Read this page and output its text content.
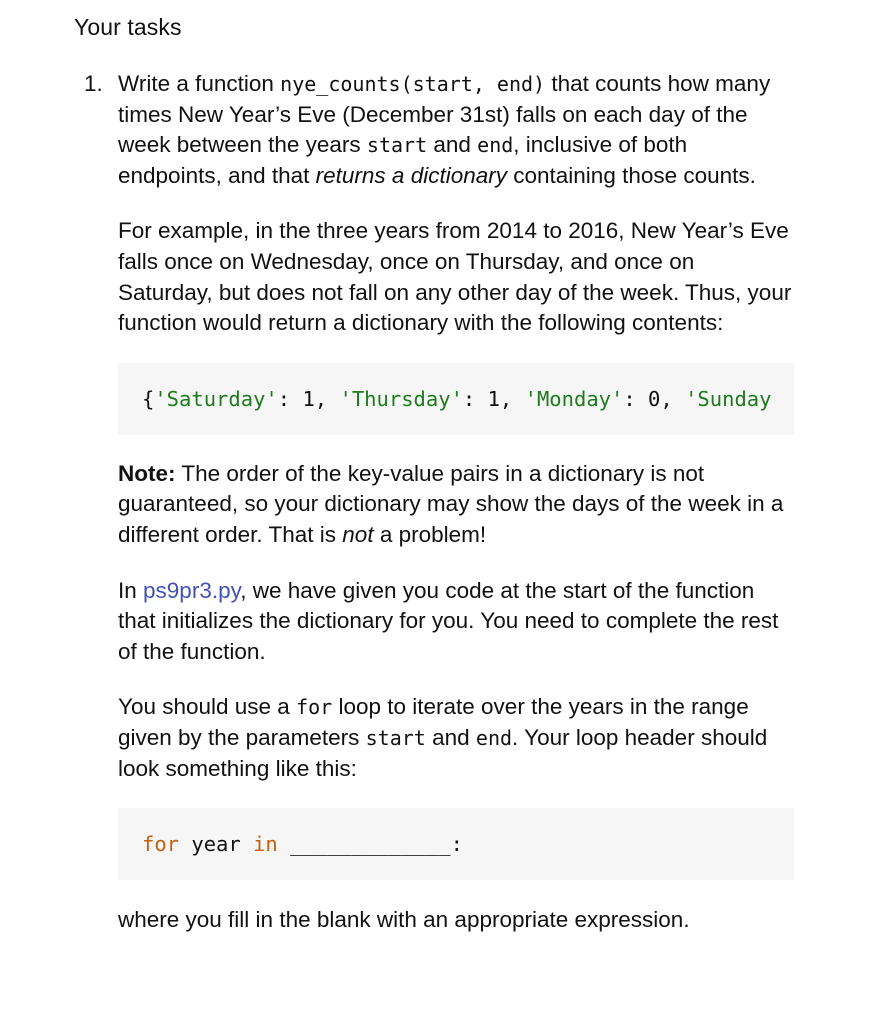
Your tasks
1. Write a function nye_counts(start, end) that counts how many times New Year’s Eve (December 31st) falls on each day of the week between the years start and end, inclusive of both endpoints, and that returns a dictionary containing those counts.

For example, in the three years from 2014 to 2016, New Year’s Eve falls once on Wednesday, once on Thursday, and once on Saturday, but does not fall on any other day of the week. Thus, your function would return a dictionary with the following contents:

{'Saturday': 1, 'Thursday': 1, 'Monday': 0, 'Sunday

Note: The order of the key-value pairs in a dictionary is not guaranteed, so your dictionary may show the days of the week in a different order. That is not a problem!

In ps9pr3.py, we have given you code at the start of the function that initializes the dictionary for you. You need to complete the rest of the function.

You should use a for loop to iterate over the years in the range given by the parameters start and end. Your loop header should look something like this:

for year in _____________:

where you fill in the blank with an appropriate expression.
